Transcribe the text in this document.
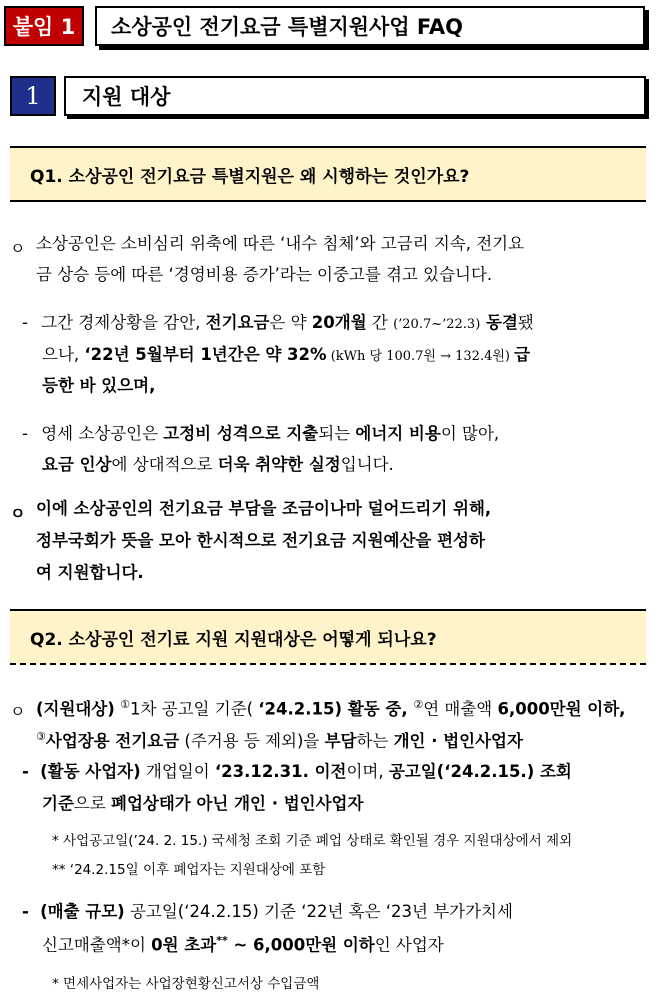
붙임 1 소상공인 전기요금 특별지원사업 FAQ
1 지원 대상
Q1. 소상공인 전기요금 특별지원은 왜 시행하는 것인가요?
ㅇ 소상공인은 소비심리 위축에 따른 ‘내수 침체’와 고금리 지속, 전기요
금 상승 등에 따른 ‘경영비용 증가’라는 이중고를 겪고 있습니다.
- 그간 경제상황을 감안, 전기요금은 약 20개월 간 (’20.7~’22.3) 동결됐
으나, ‘22년 5월부터 1년간은 약 32% (kWh 당 100.7원 → 132.4원) 급
등한 바 있으며,
- 영세 소상공인은 고정비 성격으로 지출되는 에너지 비용이 많아,
요금 인상에 상대적으로 더욱 취약한 실정입니다.
ㅇ 이에 소상공인의 전기요금 부담을 조금이나마 덜어드리기 위해,
정부국회가 뜻을 모아 한시적으로 전기요금 지원예산을 편성하
여 지원합니다.
Q2. 소상공인 전기료 지원 지원대상은 어떻게 되나요?
ㅇ (지원대상) ①1차 공고일 기준( ‘24.2.15) 활동 중, ②연 매출액 6,000만원 이하,
③사업장용 전기요금 (주거용 등 제외)을 부담하는 개인 · 법인사업자
- (활동 사업자) 개업일이 ‘23.12.31. 이전이며, 공고일(‘24.2.15.) 조회
기준으로 폐업상태가 아닌 개인 · 법인사업자
* 사업공고일(’24. 2. 15.) 국세청 조회 기준 폐업 상태로 확인될 경우 지원대상에서 제외
** ‘24.2.15일 이후 폐업자는 지원대상에 포함
- (매출 규모) 공고일(‘24.2.15) 기준 ‘22년 혹은 ‘23년 부가가치세
신고매출액*이 0원 초과** ~ 6,000만원 이하인 사업자
* 면세사업자는 사업장현황신고서상 수입금액
